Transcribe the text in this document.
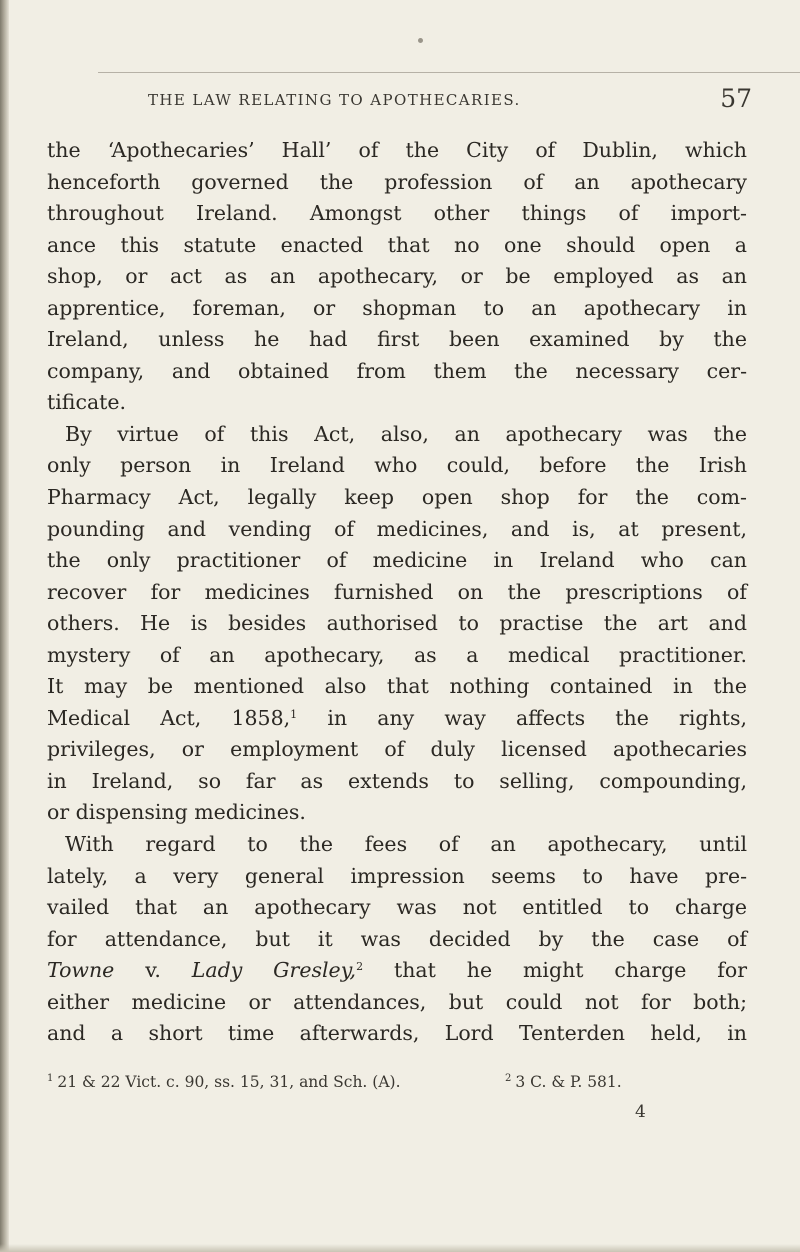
THE LAW RELATING TO APOTHECARIES.	57
the ‘Apothecaries’ Hall’ of the City of Dublin, which
henceforth governed the profession of an apothecary
throughout Ireland. Amongst other things of import-
ance this statute enacted that no one should open a
shop, or act as an apothecary, or be employed as an
apprentice, foreman, or shopman to an apothecary in
Ireland, unless he had first been examined by the
company, and obtained from them the necessary cer-
tificate.
By virtue of this Act, also, an apothecary was the
only person in Ireland who could, before the Irish
Pharmacy Act, legally keep open shop for the com-
pounding and vending of medicines, and is, at present,
the only practitioner of medicine in Ireland who can
recover for medicines furnished on the prescriptions of
others. He is besides authorised to practise the art and
mystery of an apothecary, as a medical practitioner.
It may be mentioned also that nothing contained in the
Medical Act, 1858,$^1$ in any way affects the rights,
privileges, or employment of duly licensed apothecaries
in Ireland, so far as extends to selling, compounding,
or dispensing medicines.
With regard to the fees of an apothecary, until
lately, a very general impression seems to have pre-
vailed that an apothecary was not entitled to charge
for attendance, but it was decided by the case of
Towne v. Lady Gresley,$^2$ that he might charge for
either medicine or attendances, but could not for both;
and a short time afterwards, Lord Tenterden held, in
$^1$ 21 & 22 Vict. c. 90, ss. 15, 31, and Sch. (A).	$^2$ 3 C. & P. 581.
4
